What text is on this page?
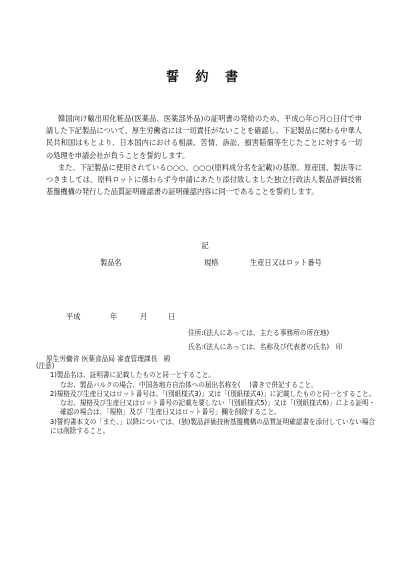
誓 約 書
韓国向け輸出用化粧品(医薬品、医薬部外品)の証明書の発給のため、平成○年○月○日付で申請した下記製品について、厚生労働省には一切責任がないことを確認し、下記製品に関わる中華人民共和国はもとより、日本国内における相談、苦情、訴訟、損害賠償等生じたことに対する一切の処理を申請会社が負うことを誓約します。
また、下記製品に使用されている○○○、○○○(原料成分名を記載)の基原、原産国、製法等につきましては、原料ロットに係わらず今申請にあたり添付致しました独立行政法人製品評価技術基盤機構の発行した品質証明確認書の証明確認内容に同一であることを誓約します。
記
製品名	規格	生産日又はロット番号
平成	年	月	日
住所:(法人にあっては、主たる事務所の所在地)
氏名:(法人にあっては、名称及び代表者の氏名)　印
厚生労働省 医薬食品局 審査管理課長　殿
(注意)
1)製品名は、証明書に記載したものと同一とすること。
なお、製品バルクの場合、中国各地方自治体への届出名称を(　 )書きで併記すること。
2)規格及び生産日又はロット番号は、「(別紙様式3)」又は「(別紙様式4)」に記載したものと同一とすること。
なお、規格及び生産日又はロット番号の記載を要しない「(別紙様式5)」又は「(別紙様式6)」による証明・確認の場合は、「規格」及び「生産日又はロット番号」欄を削除すること。
3)誓約書本文の「また、」以降については、(独)製品評価技術基盤機構の品質証明確認書を添付していない場合には削除すること。
